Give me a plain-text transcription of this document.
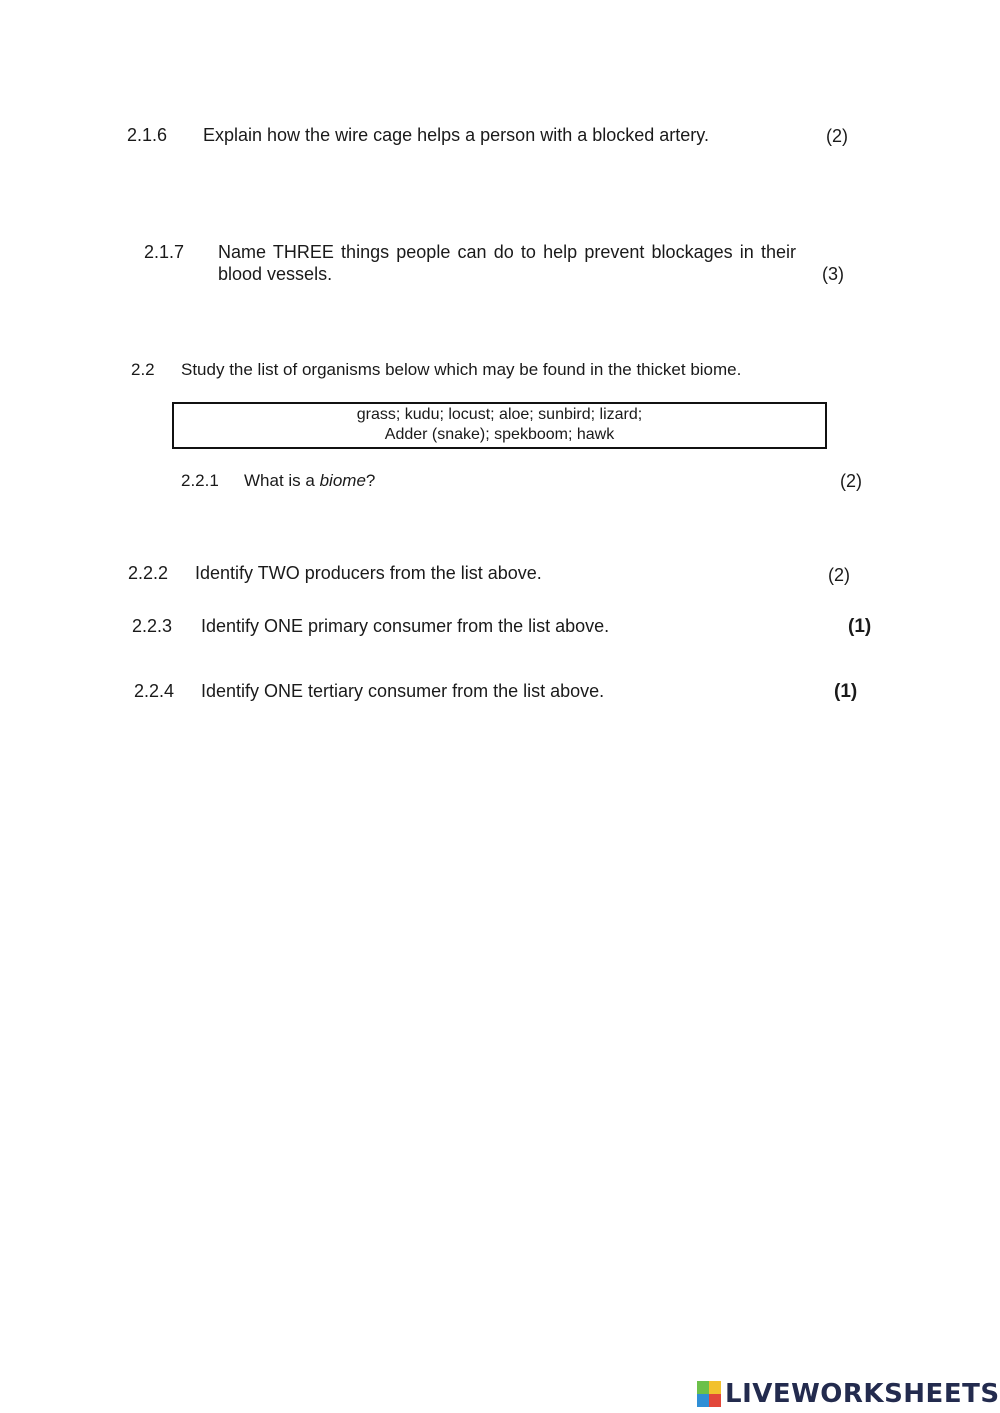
2.1.6 Explain how the wire cage helps a person with a blocked artery.	(2)
2.1.7 Name THREE things people can do to help prevent blockages in their blood vessels.	(3)
2.2 Study the list of organisms below which may be found in the thicket biome.
grass; kudu; locust; aloe; sunbird; lizard;
Adder (snake); spekboom; hawk
2.2.1 What is a biome?	(2)
2.2.2 Identify TWO producers from the list above.	(2)
2.2.3 Identify ONE primary consumer from the list above.	(1)
2.2.4 Identify ONE tertiary consumer from the list above.	(1)
LIVEWORKSHEETS
